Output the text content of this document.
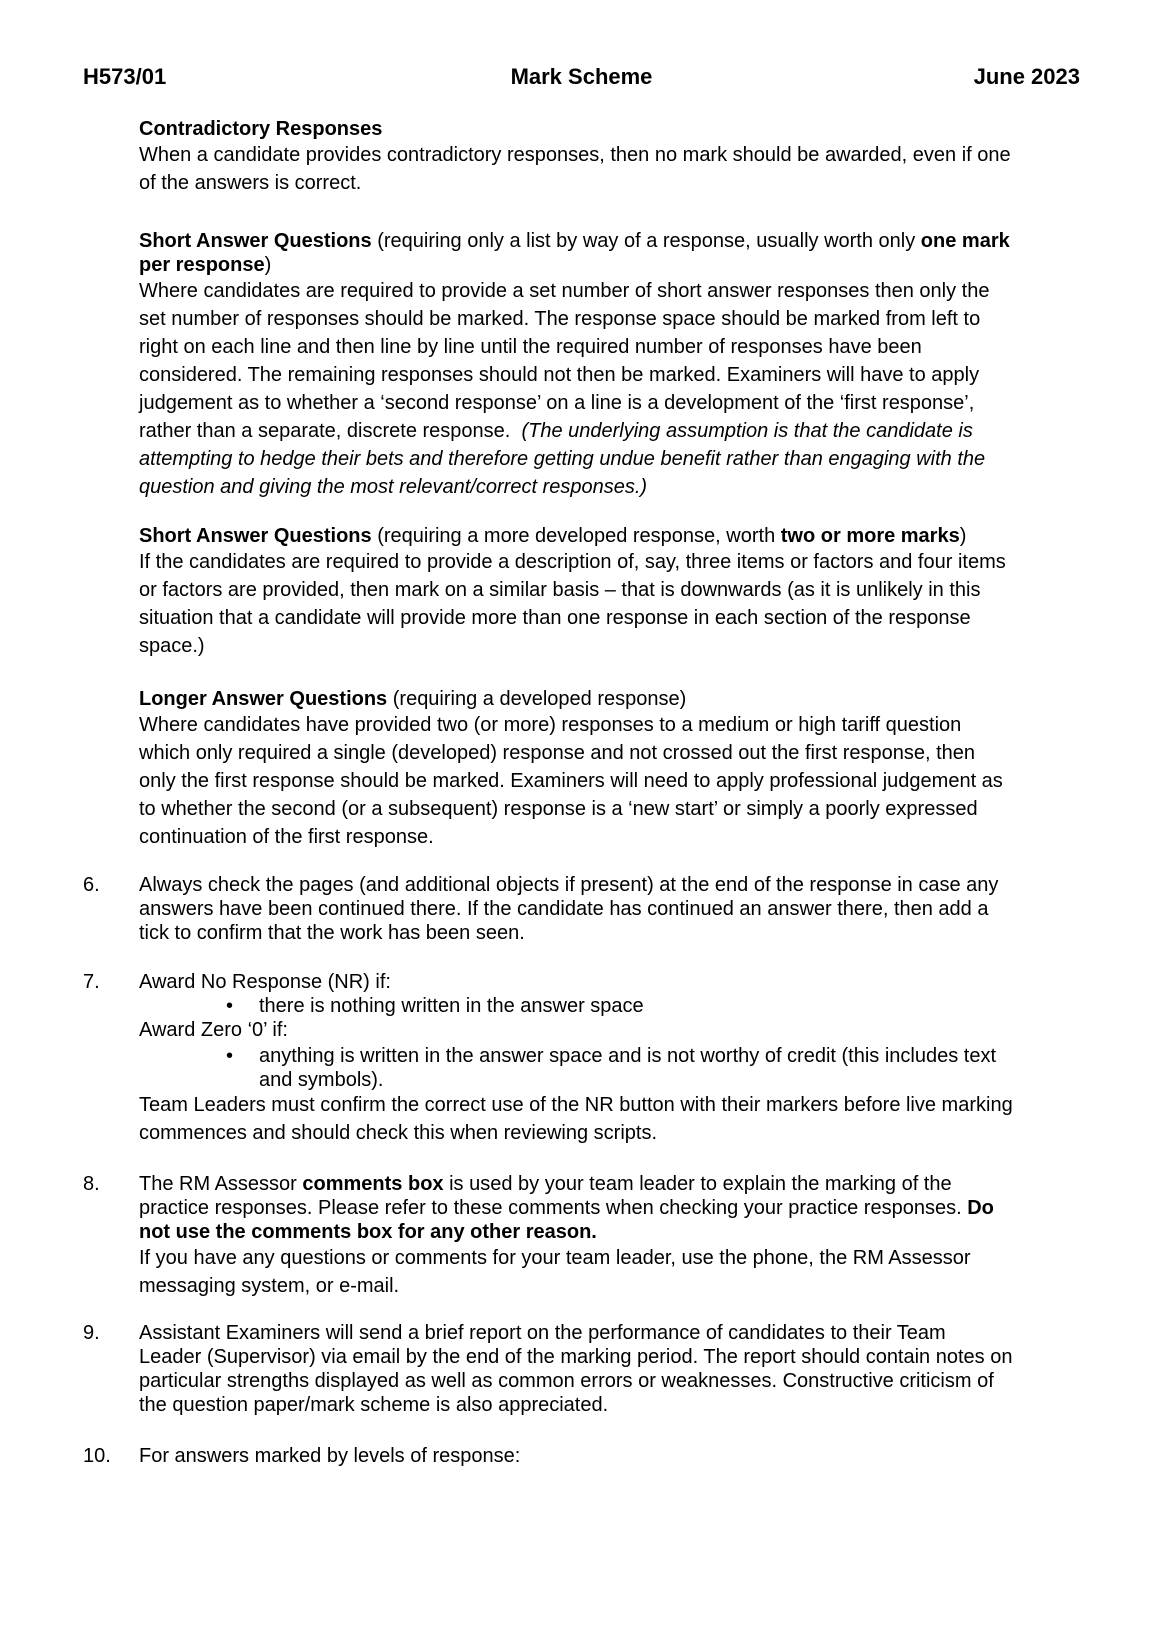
H573/01	Mark Scheme	June 2023
Contradictory Responses
When a candidate provides contradictory responses, then no mark should be awarded, even if one
of the answers is correct.
Short Answer Questions (requiring only a list by way of a response, usually worth only one mark
per response)
Where candidates are required to provide a set number of short answer responses then only the
set number of responses should be marked. The response space should be marked from left to
right on each line and then line by line until the required number of responses have been
considered. The remaining responses should not then be marked. Examiners will have to apply
judgement as to whether a ‘second response’ on a line is a development of the ‘first response’,
rather than a separate, discrete response.  (The underlying assumption is that the candidate is
attempting to hedge their bets and therefore getting undue benefit rather than engaging with the
question and giving the most relevant/correct responses.)
Short Answer Questions (requiring a more developed response, worth two or more marks)
If the candidates are required to provide a description of, say, three items or factors and four items
or factors are provided, then mark on a similar basis – that is downwards (as it is unlikely in this
situation that a candidate will provide more than one response in each section of the response
space.)
Longer Answer Questions (requiring a developed response)
Where candidates have provided two (or more) responses to a medium or high tariff question
which only required a single (developed) response and not crossed out the first response, then
only the first response should be marked. Examiners will need to apply professional judgement as
to whether the second (or a subsequent) response is a ‘new start’ or simply a poorly expressed
continuation of the first response.
6. Always check the pages (and additional objects if present) at the end of the response in case any
answers have been continued there. If the candidate has continued an answer there, then add a
tick to confirm that the work has been seen.
7. Award No Response (NR) if:
• there is nothing written in the answer space
Award Zero ‘0’ if:
• anything is written in the answer space and is not worthy of credit (this includes text
and symbols).
Team Leaders must confirm the correct use of the NR button with their markers before live marking
commences and should check this when reviewing scripts.
8. The RM Assessor comments box is used by your team leader to explain the marking of the
practice responses. Please refer to these comments when checking your practice responses. Do
not use the comments box for any other reason.
If you have any questions or comments for your team leader, use the phone, the RM Assessor
messaging system, or e-mail.
9. Assistant Examiners will send a brief report on the performance of candidates to their Team
Leader (Supervisor) via email by the end of the marking period. The report should contain notes on
particular strengths displayed as well as common errors or weaknesses. Constructive criticism of
the question paper/mark scheme is also appreciated.
10. For answers marked by levels of response:
